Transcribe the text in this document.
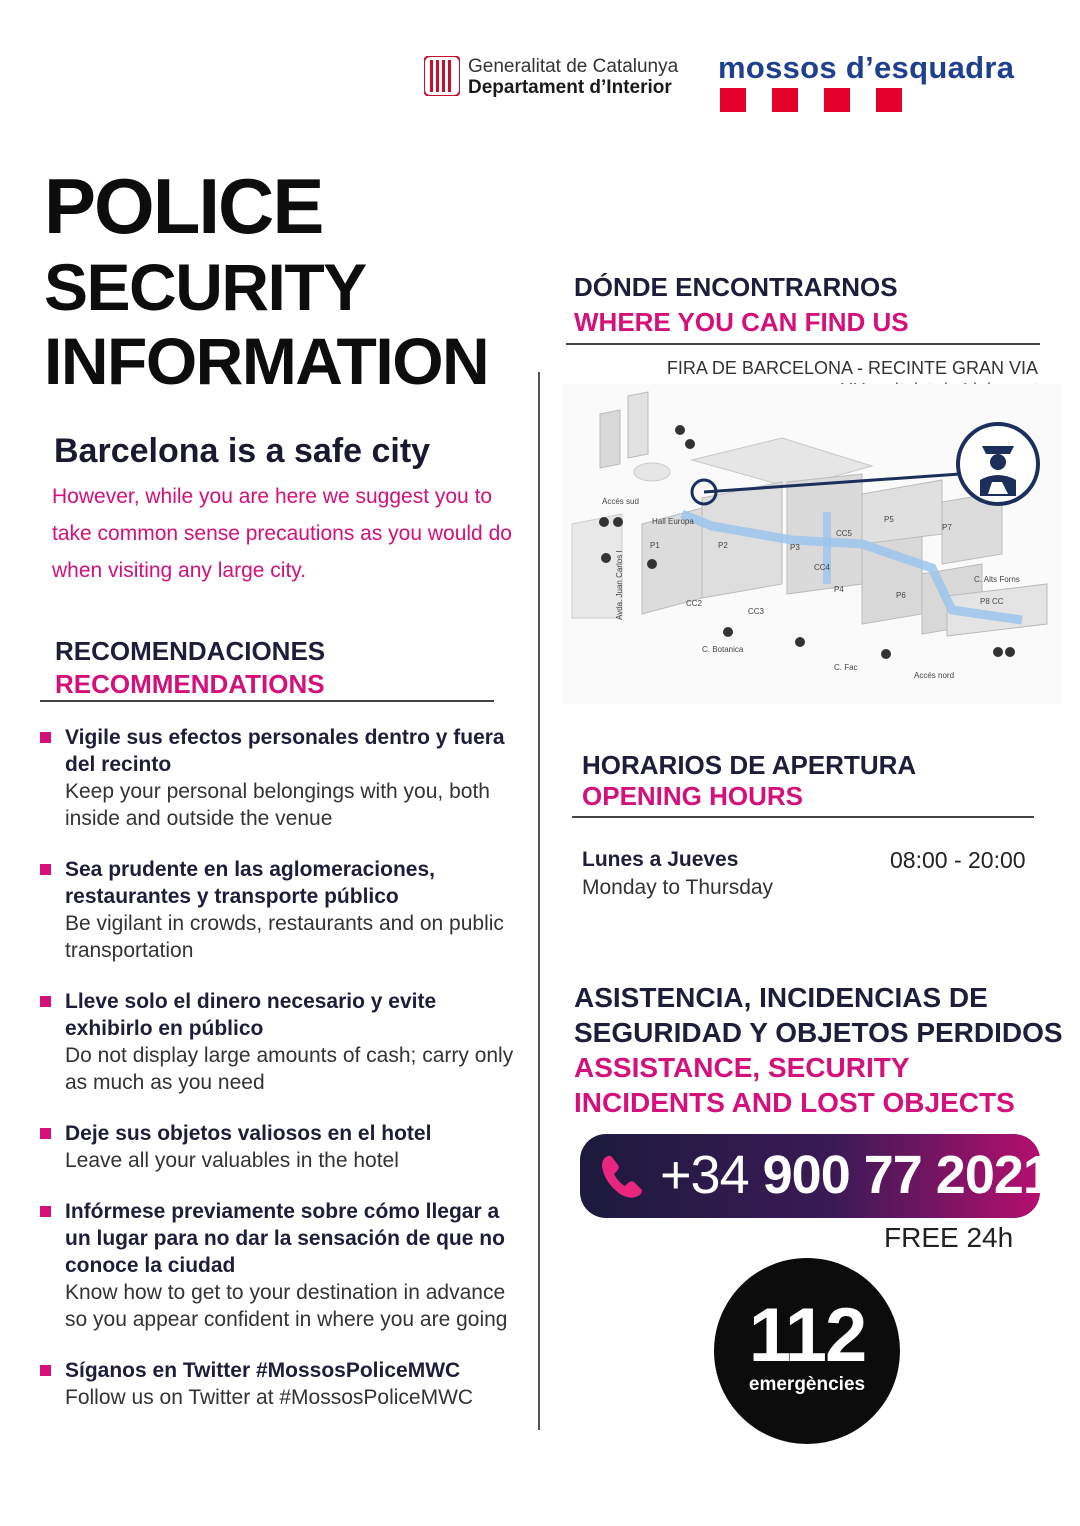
Generalitat de Catalunya
Departament d’Interior
mossos d’esquadra
POLICE
SECURITY
INFORMATION
Barcelona is a safe city
However, while you are here we suggest you to take common sense precautions as you would do when visiting any large city.
RECOMENDACIONES
RECOMMENDATIONS
Vigile sus efectos personales dentro y fuera del recinto
Keep your personal belongings with you, both inside and outside the venue
Sea prudente en las aglomeraciones, restaurantes y transporte público
Be vigilant in crowds, restaurants and on public transportation
Lleve solo el dinero necesario y evite exhibirlo en público
Do not display large amounts of cash; carry only as much as you need
Deje sus objetos valiosos en el hotel
Leave all your valuables in the hotel
Infórmese previamente sobre cómo llegar a un lugar para no dar la sensación de que no conoce la ciudad
Know how to get to your destination in advance so you appear confident in where you are going
Síganos en Twitter #MossosPoliceMWC
Follow us on Twitter at #MossosPoliceMWC
DÓNDE ENCONTRARNOS
WHERE YOU CAN FIND US
FIRA DE BARCELONA - RECINTE GRAN VIA
Hall Europa
P1	P2	P3
P4
P5
P6
P7
P8 CC
CC2
CC3
CC4
CC5
C. Botanica
C. Fac
C. Alts Forns
Accés sud
Accés nord
Avda. Juan Carlos I
HORARIOS DE APERTURA
OPENING HOURS
Lunes a Jueves
Monday to Thursday
08:00 - 20:00
ASISTENCIA, INCIDENCIAS DE
SEGURIDAD Y OBJETOS PERDIDOS
ASSISTANCE, SECURITY
INCIDENTS AND LOST OBJECTS
+34 900 77 2021
FREE 24h
112
emergències
